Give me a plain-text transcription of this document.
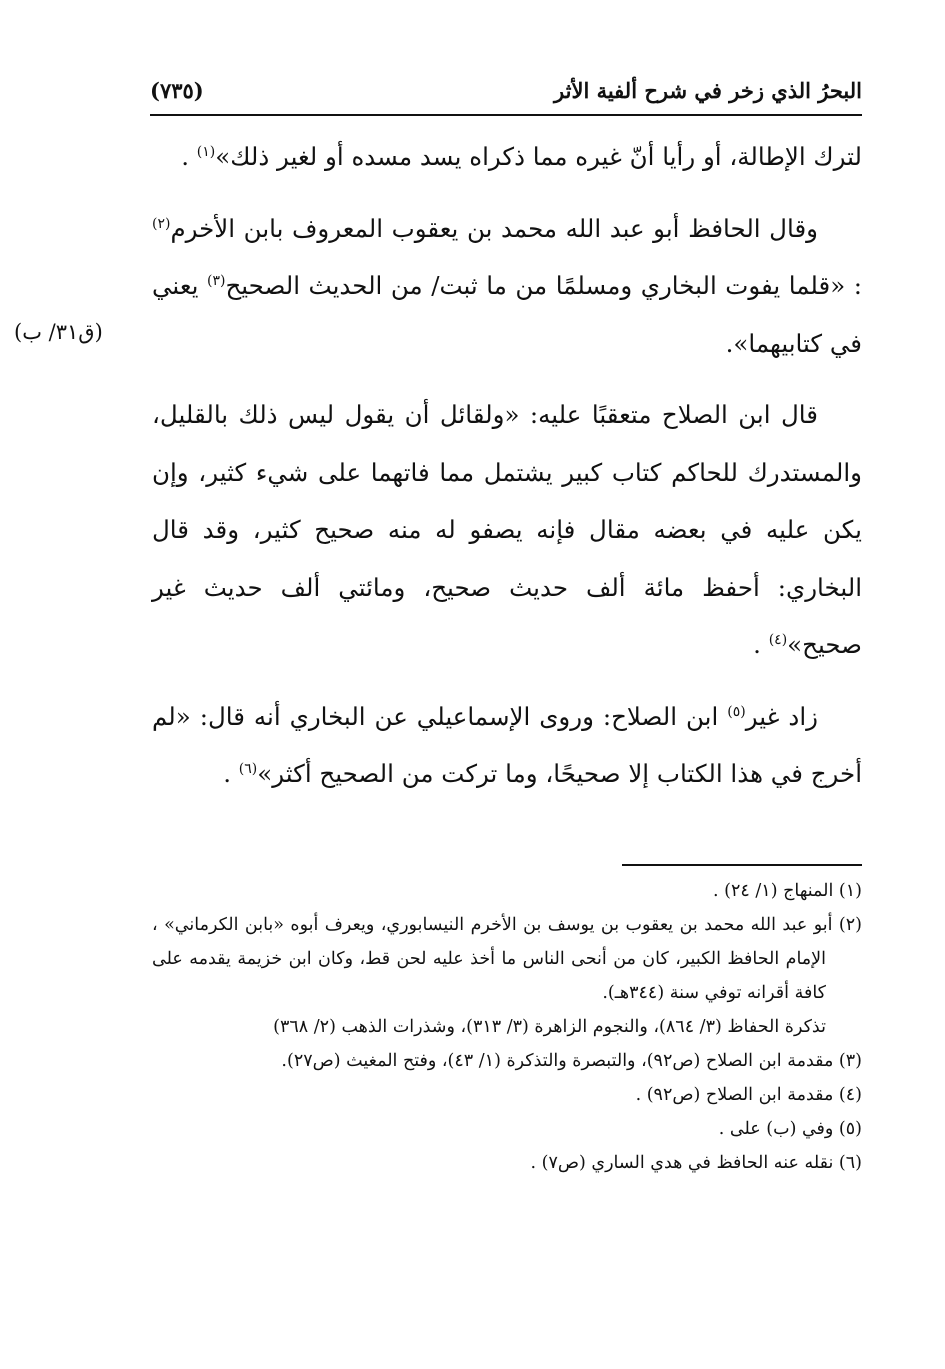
البحرُ الذي زخر في شرح ألفية الأثر
(٧٣٥)
(ق٣١/ ب)

لترك الإطالة، أو رأيا أنّ غيره مما ذكراه يسد مسده أو لغير ذلك»$^{(١)}$ .

وقال الحافظ أبو عبد الله محمد بن يعقوب المعروف بابن الأخرم$^{(٢)}$ : «قلما يفوت البخاري ومسلمًا من ما ثبت/ من الحديث الصحيح$^{(٣)}$ يعني في كتابيهما».

قال ابن الصلاح متعقبًا عليه: «ولقائل أن يقول ليس ذلك بالقليل، والمستدرك للحاكم كتاب كبير يشتمل مما فاتهما على شيء كثير، وإن يكن عليه في بعضه مقال فإنه يصفو له منه صحيح كثير، وقد قال البخاري: أحفظ مائة ألف حديث صحيح، ومائتي ألف حديث غير صحيح»$^{(٤)}$ .

زاد غير$^{(٥)}$ ابن الصلاح: وروى الإسماعيلي عن البخاري أنه قال: «لم أخرج في هذا الكتاب إلا صحيحًا، وما تركت من الصحيح أكثر»$^{(٦)}$ .

(١) المنهاج (١/ ٢٤) .

(٢) أبو عبد الله محمد بن يعقوب بن يوسف بن الأخرم النيسابوري، ويعرف أبوه «بابن الكرماني» ، الإمام الحافظ الكبير، كان من أنحى الناس ما أخذ عليه لحن قط، وكان ابن خزيمة يقدمه على كافة أقرانه توفي سنة (٣٤٤هـ).

تذكرة الحفاظ (٣/ ٨٦٤)، والنجوم الزاهرة (٣/ ٣١٣)، وشذرات الذهب (٢/ ٣٦٨)

(٣) مقدمة ابن الصلاح (ص٩٢)، والتبصرة والتذكرة (١/ ٤٣)، وفتح المغيث (ص٢٧).

(٤) مقدمة ابن الصلاح (ص٩٢) .

(٥) وفي (ب) على .

(٦) نقله عنه الحافظ في هدي الساري (ص٧) .
